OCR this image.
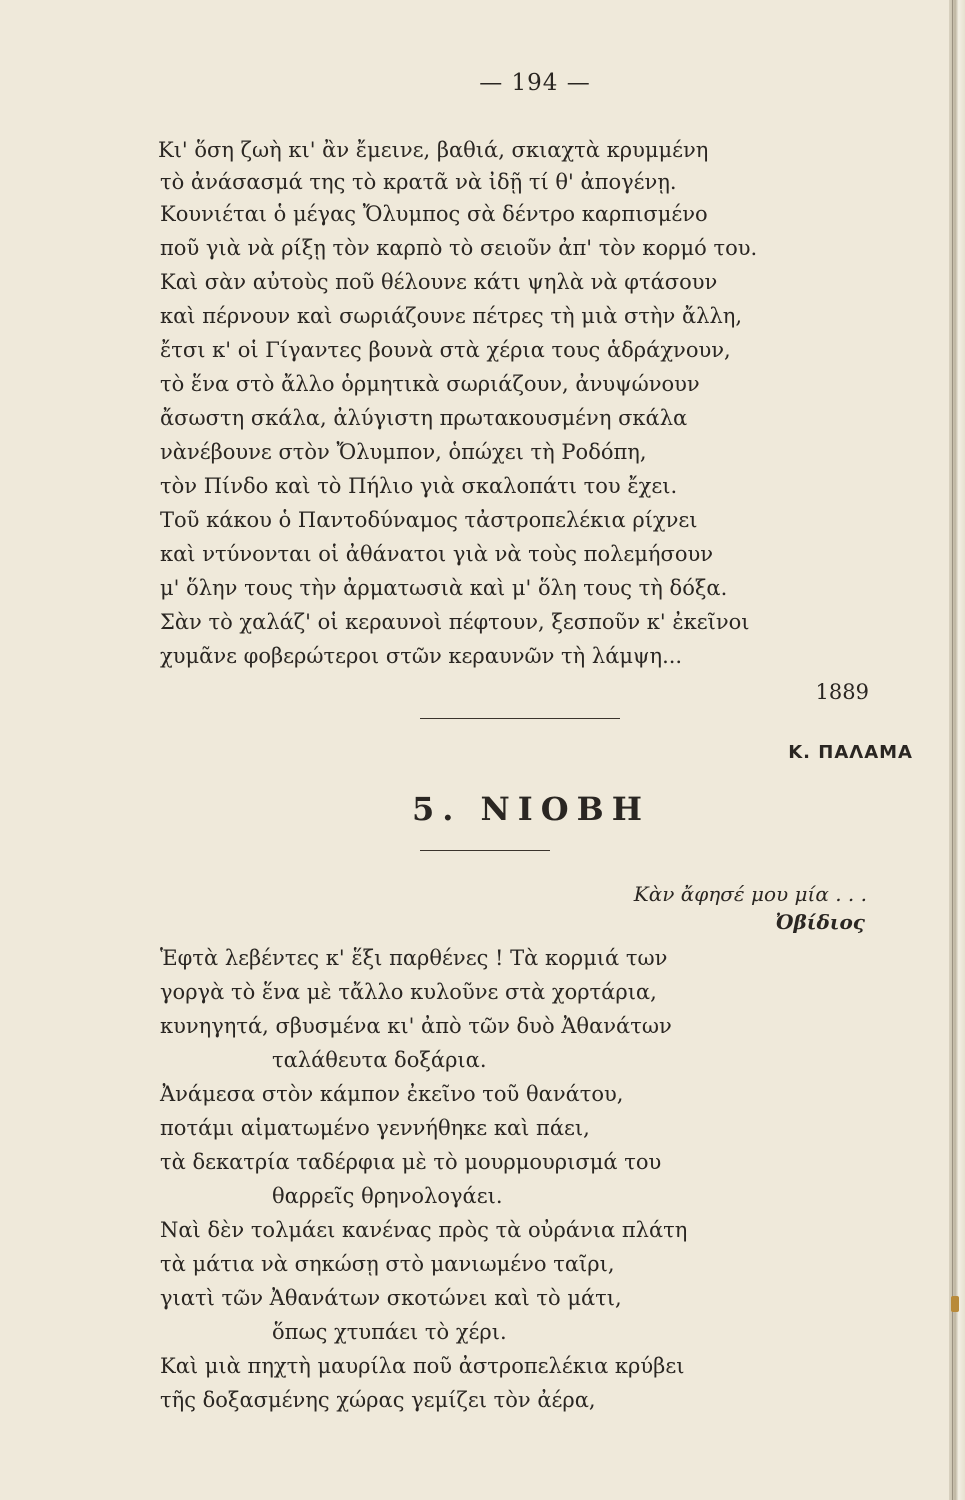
— 194 —
Κι' ὅση ζωὴ κι' ἂν ἔμεινε, βαθιά, σκιαχτὰ κρυμμένη
τὸ ἀνάσασμά της τὸ κρατᾶ νὰ ἰδῇ τί θ' ἀπογένῃ.
Κουνιέται ὁ μέγας Ὄλυμπος σὰ δέντρο καρπισμένο
ποῦ γιὰ νὰ ρίξῃ τὸν καρπὸ τὸ σειοῦν ἀπ' τὸν κορμό του.
Καὶ σὰν αὐτοὺς ποῦ θέλουνε κάτι ψηλὰ νὰ φτάσουν
καὶ πέρνουν καὶ σωριάζουνε πέτρες τὴ μιὰ στὴν ἄλλη,
ἔτσι κ' οἱ Γίγαντες βουνὰ στὰ χέρια τους ἁδράχνουν,
τὸ ἕνα στὸ ἄλλο ὁρμητικὰ σωριάζουν, ἀνυψώνουν
ἄσωστη σκάλα, ἀλύγιστη πρωτακουσμένη σκάλα
νὰνέβουνε στὸν Ὄλυμπον, ὁπώχει τὴ Ροδόπη,
τὸν Πίνδο καὶ τὸ Πήλιο γιὰ σκαλοπάτι του ἔχει.
Τοῦ κάκου ὁ Παντοδύναμος τἀστροπελέκια ρίχνει
καὶ ντύνονται οἱ ἀθάνατοι γιὰ νὰ τοὺς πολεμήσουν
μ' ὅλην τους τὴν ἀρματωσιὰ καὶ μ' ὅλη τους τὴ δόξα.
Σὰν τὸ χαλάζ' οἱ κεραυνοὶ πέφτουν, ξεσποῦν κ' ἐκεῖνοι
χυμᾶνε φοβερώτεροι στῶν κεραυνῶν τὴ λάμψη...
1889
Κ. ΠΑΛΑΜΑ
5. ΝΙΟΒΗ
Κὰν ἄφησέ μου μία . . .
Ὀβίδιος
Ἑφτὰ λεβέντες κ' ἕξι παρθένες ! Τὰ κορμιά των
γοργὰ τὸ ἕνα μὲ τἄλλο κυλοῦνε στὰ χορτάρια,
κυνηγητά, σβυσμένα κι' ἀπὸ τῶν δυὸ Ἀθανάτων
ταλάθευτα δοξάρια.
Ἀνάμεσα στὸν κάμπον ἐκεῖνο τοῦ θανάτου,
ποτάμι αἱματωμένο γεννήθηκε καὶ πάει,
τὰ δεκατρία ταδέρφια μὲ τὸ μουρμουρισμά του
θαρρεῖς θρηνολογάει.
Ναὶ δὲν τολμάει κανένας πρὸς τὰ οὐράνια πλάτη
τὰ μάτια νὰ σηκώσῃ στὸ μανιωμένο ταῖρι,
γιατὶ τῶν Ἀθανάτων σκοτώνει καὶ τὸ μάτι,
ὅπως χτυπάει τὸ χέρι.
Καὶ μιὰ πηχτὴ μαυρίλα ποῦ ἀστροπελέκια κρύβει
τῆς δοξασμένης χώρας γεμίζει τὸν ἀέρα,
